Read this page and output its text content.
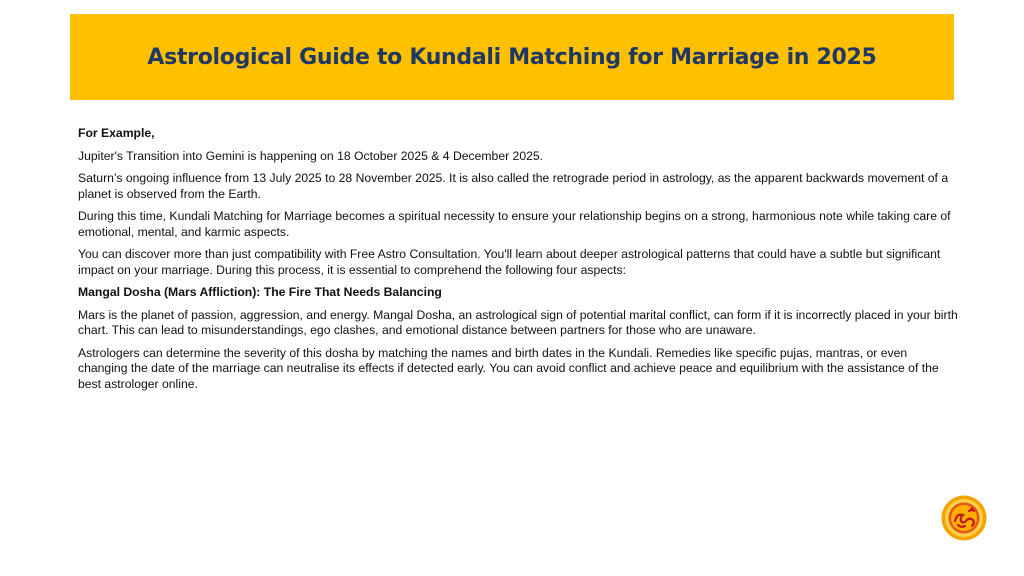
Astrological Guide to Kundali Matching for Marriage in 2025

For Example,

Jupiter's Transition into Gemini is happening on 18 October 2025 & 4 December 2025.

Saturn’s ongoing influence from 13 July 2025 to 28 November 2025. It is also called the retrograde period in astrology, as the apparent backwards movement of a planet is observed from the Earth.

During this time, Kundali Matching for Marriage becomes a spiritual necessity to ensure your relationship begins on a strong, harmonious note while taking care of emotional, mental, and karmic aspects.

You can discover more than just compatibility with Free Astro Consultation. You'll learn about deeper astrological patterns that could have a subtle but significant impact on your marriage. During this process, it is essential to comprehend the following four aspects:

Mangal Dosha (Mars Affliction): The Fire That Needs Balancing

Mars is the planet of passion, aggression, and energy. Mangal Dosha, an astrological sign of potential marital conflict, can form if it is incorrectly placed in your birth chart. This can lead to misunderstandings, ego clashes, and emotional distance between partners for those who are unaware.

Astrologers can determine the severity of this dosha by matching the names and birth dates in the Kundali. Remedies like specific pujas, mantras, or even changing the date of the marriage can neutralise its effects if detected early. You can avoid conflict and achieve peace and equilibrium with the assistance of the best astrologer online.
